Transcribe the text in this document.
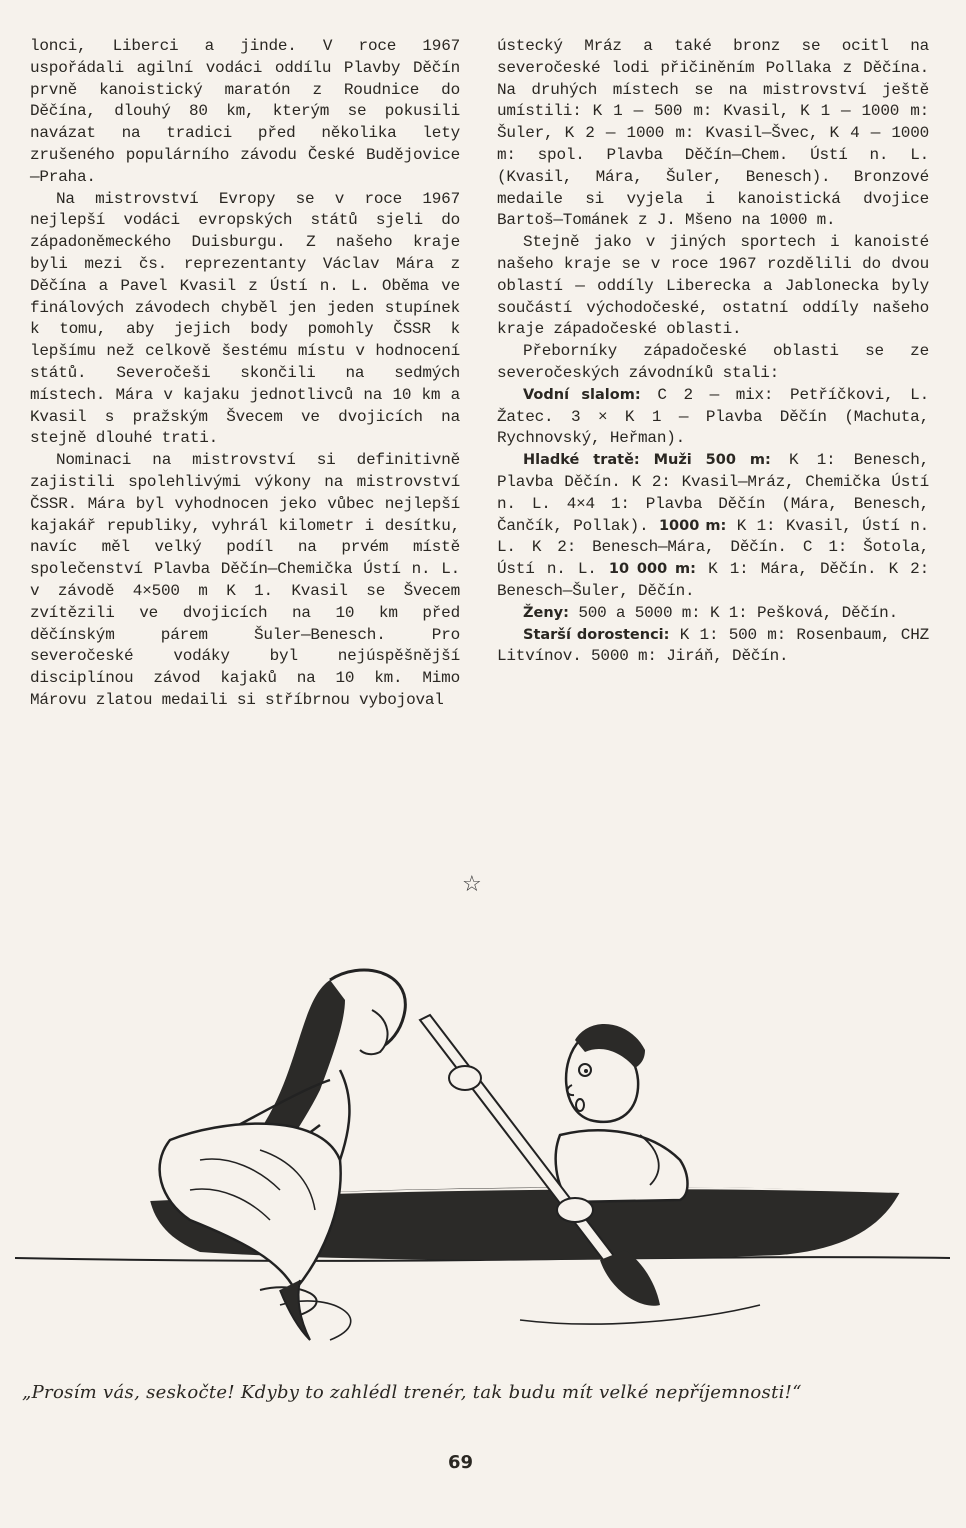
lonci, Liberci a jinde. V roce 1967 uspořádali agilní vodáci oddílu Plavby Děčín prvně kanoistický maratón z Roudnice do Děčína, dlouhý 80 km, kterým se pokusili navázat na tradici před několika lety zrušeného populárního závodu České Budějovice—Praha.

Na mistrovství Evropy se v roce 1967 nejlepší vodáci evropských států sjeli do západoněmeckého Duisburgu. Z našeho kraje byli mezi čs. reprezentanty Václav Mára z Děčína a Pavel Kvasil z Ústí n. L. Oběma ve finálových závodech chyběl jen jeden stupínek k tomu, aby jejich body pomohly ČSSR k lepšímu než celkově šestému místu v hodnocení států. Severočeši skončili na sedmých místech. Mára v kajaku jednotlivců na 10 km a Kvasil s pražským Švecem ve dvojicích na stejně dlouhé trati.

Nominaci na mistrovství si definitivně zajistili spolehlivými výkony na mistrovství ČSSR. Mára byl vyhodnocen jeko vůbec nejlepší kajakář republiky, vyhrál kilometr i desítku, navíc měl velký podíl na prvém místě společenství Plavba Děčín—Chemička Ústí n. L. v závodě 4×500 m K 1. Kvasil se Švecem zvítězili ve dvojicích na 10 km před děčínským párem Šuler—Benesch. Pro severočeské vodáky byl nejúspěšnější disciplínou závod kajaků na 10 km. Mimo Márovu zlatou medaili si stříbrnou vybojoval

ústecký Mráz a také bronz se ocitl na severočeské lodi přičiněním Pollaka z Děčína. Na druhých místech se na mistrovství ještě umístili: K 1 — 500 m: Kvasil, K 1 — 1000 m: Šuler, K 2 — 1000 m: Kvasil—Švec, K 4 — 1000 m: spol. Plavba Děčín—Chem. Ústí n. L. (Kvasil, Mára, Šuler, Benesch). Bronzové medaile si vyjela i kanoistická dvojice Bartoš—Tománek z J. Mšeno na 1000 m.

Stejně jako v jiných sportech i kanoisté našeho kraje se v roce 1967 rozdělili do dvou oblastí — oddíly Liberecka a Jablonecka byly součástí východočeské, ostatní oddíly našeho kraje západočeské oblasti.

Přeborníky západočeské oblasti se ze severočeských závodníků stali:

Vodní slalom: C 2 — mix: Petříčkovi, L. Žatec. 3 × K 1 — Plavba Děčín (Machuta, Rychnovský, Heřman).

Hladké tratě: Muži 500 m: K 1: Benesch, Plavba Děčín. K 2: Kvasil—Mráz, Chemička Ústí n. L. 4×4 1: Plavba Děčín (Mára, Benesch, Čančík, Pollak). 1000 m: K 1: Kvasil, Ústí n. L. K 2: Benesch—Mára, Děčín. C 1: Šotola, Ústí n. L. 10 000 m: K 1: Mára, Děčín. K 2: Benesch—Šuler, Děčín.

Ženy: 500 a 5000 m: K 1: Pešková, Děčín.

Starší dorostenci: K 1: 500 m: Rosenbaum, CHZ Litvínov. 5000 m: Jiráň, Děčín.

☆
„Prosím vás, seskočte! Kdyby to zahlédl trenér, tak budu mít velké nepříjemnosti!“
69
